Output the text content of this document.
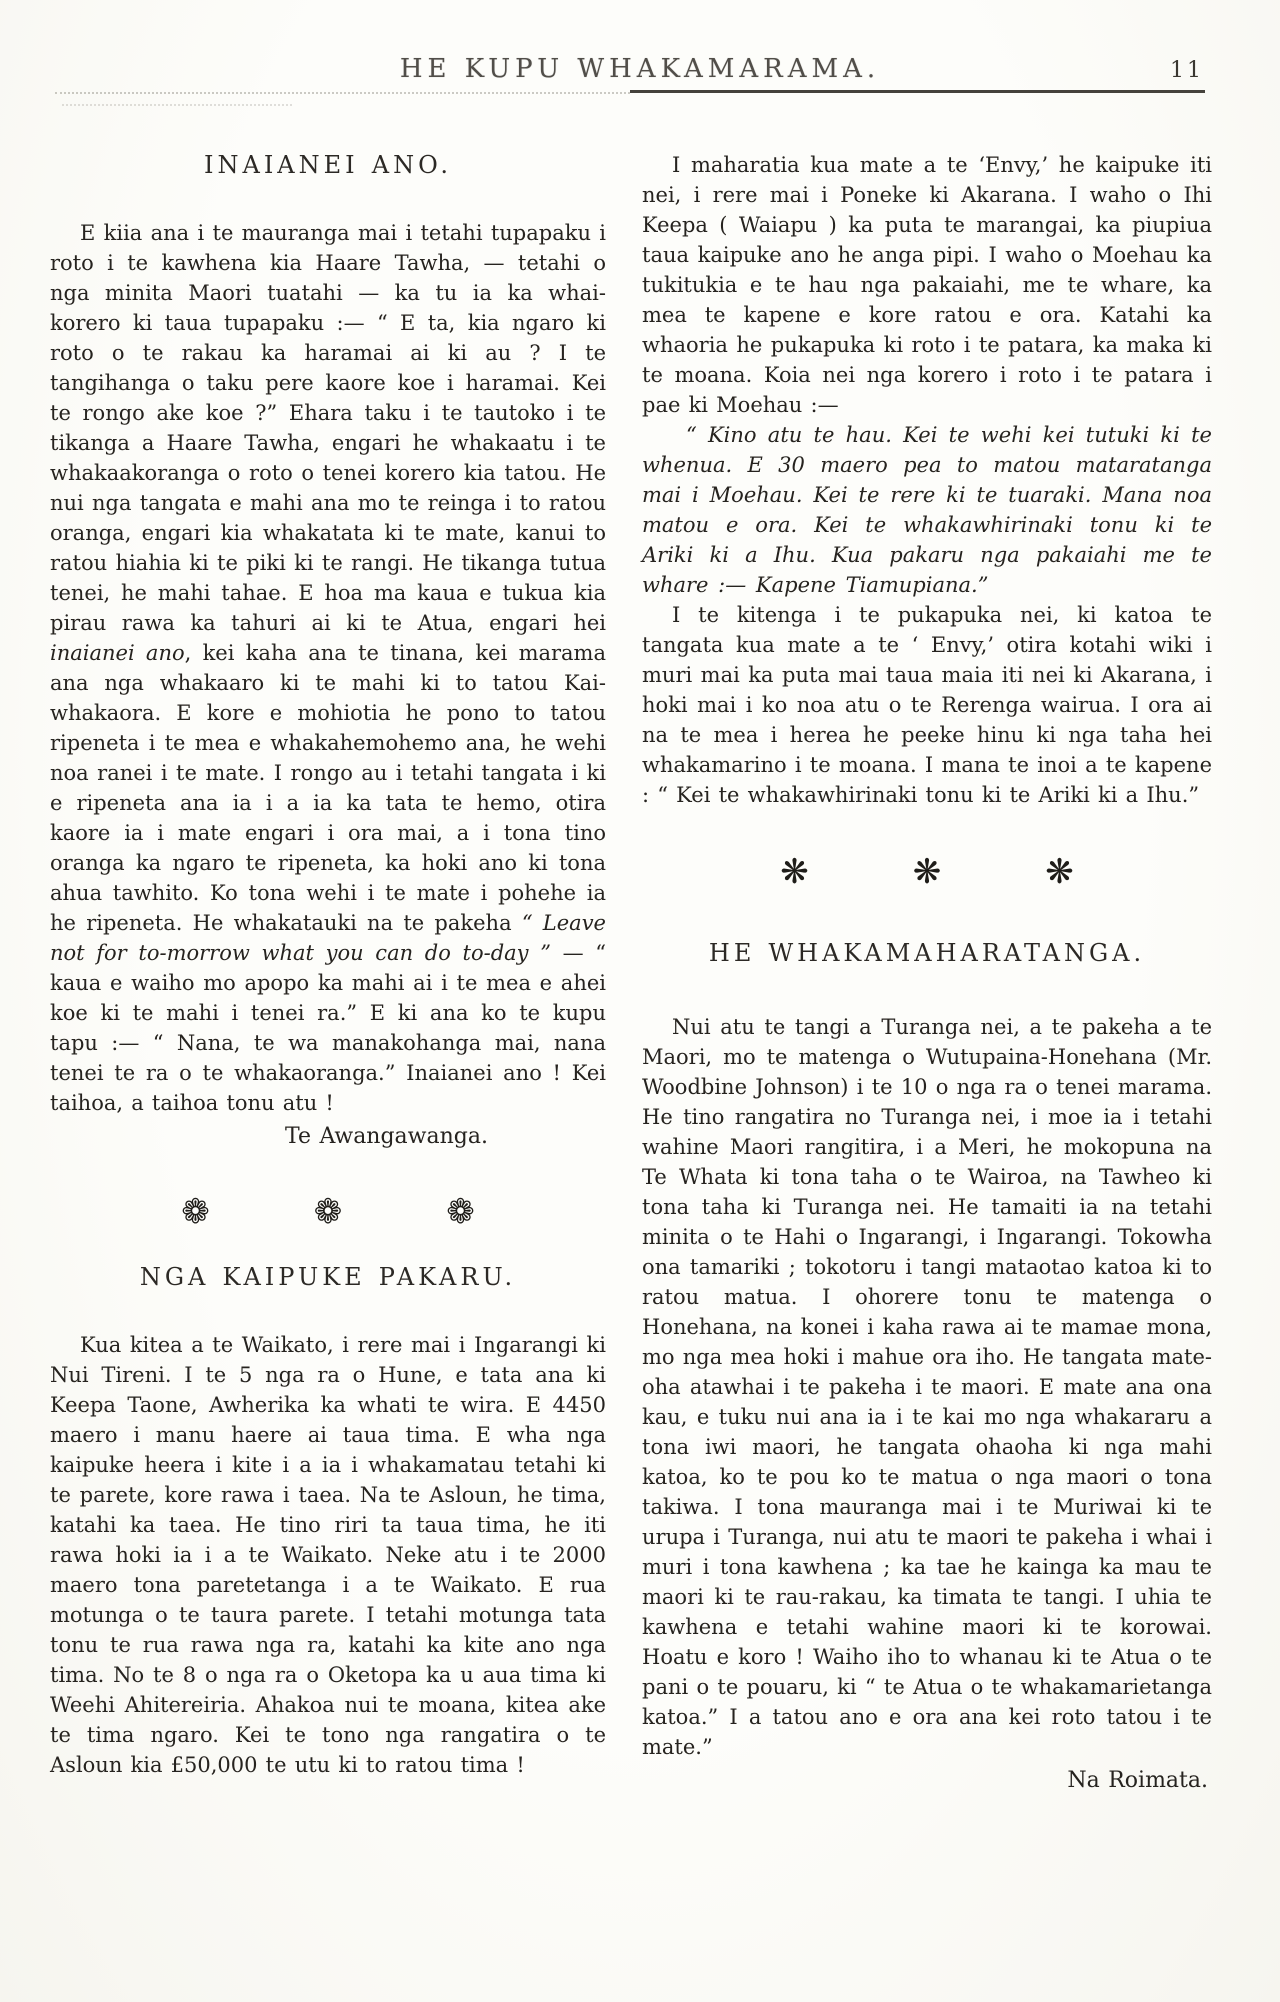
HE KUPU WHAKAMARAMA.	11
INAIANEI ANO.

E kiia ana i te mauranga mai i tetahi tupapaku i roto i te kawhena kia Haare Tawha, — tetahi o nga minita Maori tuatahi — ka tu ia ka whai-korero ki taua tupapaku :— “ E ta, kia ngaro ki roto o te rakau ka haramai ai ki au ? I te tangihanga o taku pere kaore koe i haramai. Kei te rongo ake koe ?” Ehara taku i te tautoko i te tikanga a Haare Tawha, engari he whakaatu i te whakaakoranga o roto o tenei korero kia tatou. He nui nga tangata e mahi ana mo te reinga i to ratou oranga, engari kia whakatata ki te mate, kanui to ratou hiahia ki te piki ki te rangi. He tikanga tutua tenei, he mahi tahae. E hoa ma kaua e tukua kia pirau rawa ka tahuri ai ki te Atua, engari hei inaianei ano, kei kaha ana te tinana, kei marama ana nga whakaaro ki te mahi ki to tatou Kai-whakaora. E kore e mohiotia he pono to tatou ripeneta i te mea e whakahemohemo ana, he wehi noa ranei i te mate. I rongo au i tetahi tangata i ki e ripeneta ana ia i a ia ka tata te hemo, otira kaore ia i mate engari i ora mai, a i tona tino oranga ka ngaro te ripeneta, ka hoki ano ki tona ahua tawhito. Ko tona wehi i te mate i pohehe ia he ripeneta. He whakatauki na te pakeha “ Leave not for to-morrow what you can do to-day ” — “ kaua e waiho mo apopo ka mahi ai i te mea e ahei koe ki te mahi i tenei ra.” E ki ana ko te kupu tapu :— “ Nana, te wa manakohanga mai, nana tenei te ra o te whakaoranga.” Inaianei ano ! Kei taihoa, a taihoa tonu atu !

Te Awangawanga.
❁	❁	❁
NGA KAIPUKE PAKARU.

Kua kitea a te Waikato, i rere mai i Ingarangi ki Nui Tireni. I te 5 nga ra o Hune, e tata ana ki Keepa Taone, Awherika ka whati te wira. E 4450 maero i manu haere ai taua tima. E wha nga kaipuke heera i kite i a ia i whakamatau tetahi ki te parete, kore rawa i taea. Na te Asloun, he tima, katahi ka taea. He tino riri ta taua tima, he iti rawa hoki ia i a te Waikato. Neke atu i te 2000 maero tona paretetanga i a te Waikato. E rua motunga o te taura parete. I tetahi motunga tata tonu te rua rawa nga ra, katahi ka kite ano nga tima. No te 8 o nga ra o Oketopa ka u aua tima ki Weehi Ahitereiria. Ahakoa nui te moana, kitea ake te tima ngaro. Kei te tono nga rangatira o te Asloun kia £50,000 te utu ki to ratou tima !

I maharatia kua mate a te ‘Envy,’ he kaipuke iti nei, i rere mai i Poneke ki Akarana. I waho o Ihi Keepa ( Waiapu ) ka puta te marangai, ka piupiua taua kaipuke ano he anga pipi. I waho o Moehau ka tukitukia e te hau nga pakaiahi, me te whare, ka mea te kapene e kore ratou e ora. Katahi ka whaoria he pukapuka ki roto i te patara, ka maka ki te moana. Koia nei nga korero i roto i te patara i pae ki Moehau :—

“ Kino atu te hau. Kei te wehi kei tutuki ki te whenua. E 30 maero pea to matou mataratanga mai i Moehau. Kei te rere ki te tuaraki. Mana noa matou e ora. Kei te whakawhirinaki tonu ki te Ariki ki a Ihu. Kua pakaru nga pakaiahi me te whare :— Kapene Tiamupiana.”

I te kitenga i te pukapuka nei, ki katoa te tangata kua mate a te ‘ Envy,’ otira kotahi wiki i muri mai ka puta mai taua maia iti nei ki Akarana, i hoki mai i ko noa atu o te Rerenga wairua. I ora ai na te mea i herea he peeke hinu ki nga taha hei whakamarino i te moana. I mana te inoi a te kapene : “ Kei te whakawhirinaki tonu ki te Ariki ki a Ihu.”

❋	❋	❋
HE WHAKAMAHARATANGA.

Nui atu te tangi a Turanga nei, a te pakeha a te Maori, mo te matenga o Wutupaina-Honehana (Mr. Woodbine Johnson) i te 10 o nga ra o tenei marama. He tino rangatira no Turanga nei, i moe ia i tetahi wahine Maori rangitira, i a Meri, he mokopuna na Te Whata ki tona taha o te Wairoa, na Tawheo ki tona taha ki Turanga nei. He tamaiti ia na tetahi minita o te Hahi o Ingarangi, i Ingarangi. Tokowha ona tamariki ; tokotoru i tangi mataotao katoa ki to ratou matua. I ohorere tonu te matenga o Honehana, na konei i kaha rawa ai te mamae mona, mo nga mea hoki i mahue ora iho. He tangata mate-oha atawhai i te pakeha i te maori. E mate ana ona kau, e tuku nui ana ia i te kai mo nga whakararu a tona iwi maori, he tangata ohaoha ki nga mahi katoa, ko te pou ko te matua o nga maori o tona takiwa. I tona mauranga mai i te Muriwai ki te urupa i Turanga, nui atu te maori te pakeha i whai i muri i tona kawhena ; ka tae he kainga ka mau te maori ki te rau-rakau, ka timata te tangi. I uhia te kawhena e tetahi wahine maori ki te korowai. Hoatu e koro ! Waiho iho to whanau ki te Atua o te pani o te pouaru, ki “ te Atua o te whakamarietanga katoa.” I a tatou ano e ora ana kei roto tatou i te mate.”

Na Roimata.
